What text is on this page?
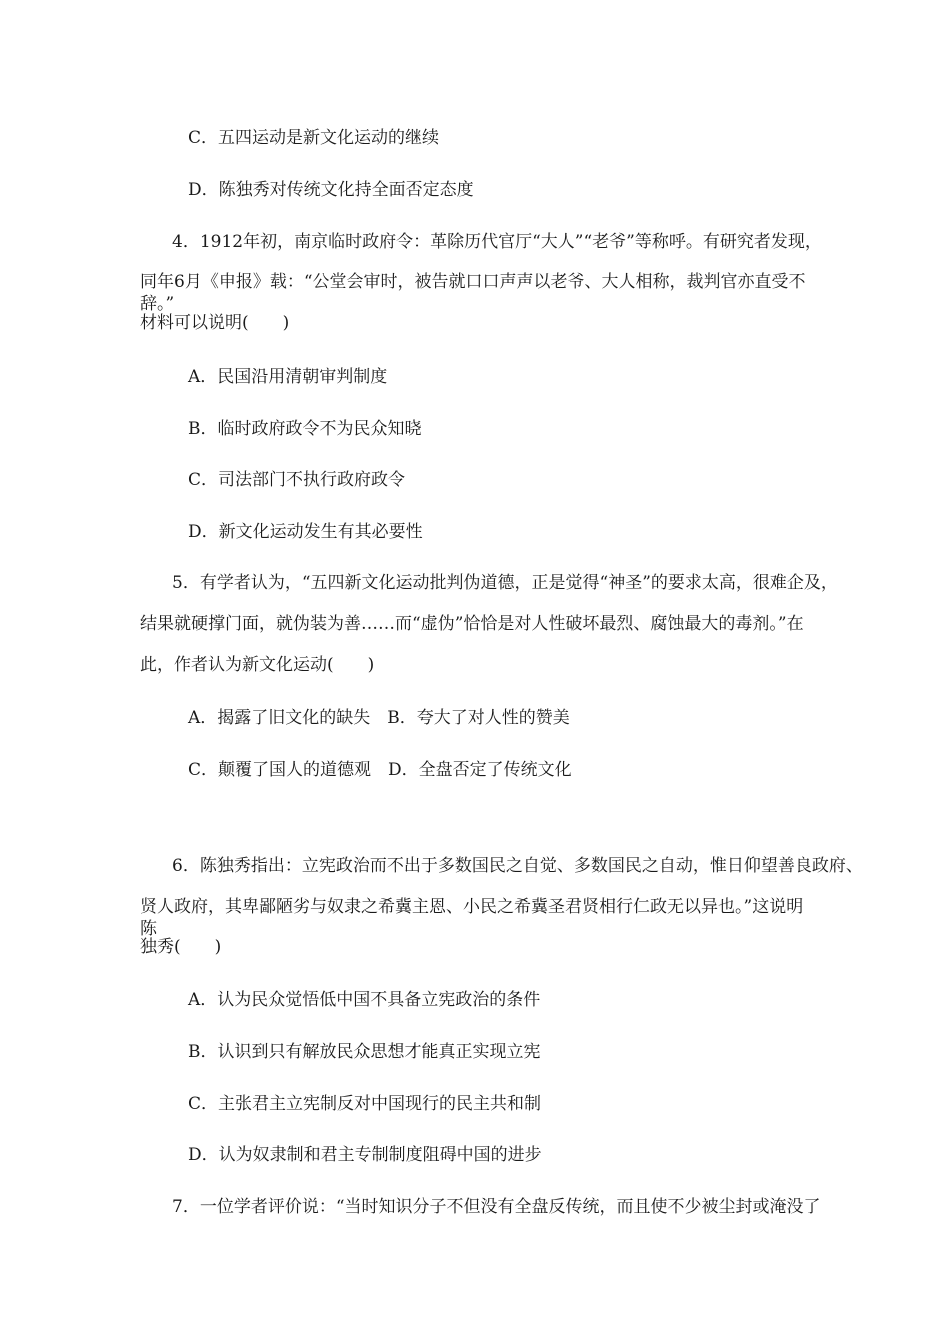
C．五四运动是新文化运动的继续
D．陈独秀对传统文化持全面否定态度
4．1912年初，南京临时政府令：革除历代官厅“大人”“老爷”等称呼。有研究者发现，
同年6月《申报》载：“公堂会审时，被告就口口声声以老爷、大人相称，裁判官亦直受不辞。”
材料可以说明(　　)
A．民国沿用清朝审判制度
B．临时政府政令不为民众知晓
C．司法部门不执行政府政令
D．新文化运动发生有其必要性
5．有学者认为，“五四新文化运动批判伪道德，正是觉得“神圣”的要求太高，很难企及，
结果就硬撑门面，就伪装为善……而“虚伪”恰恰是对人性破坏最烈、腐蚀最大的毒剂。”在
此，作者认为新文化运动(　　)
A．揭露了旧文化的缺失　B．夸大了对人性的赞美
C．颠覆了国人的道德观　D．全盘否定了传统文化
6．陈独秀指出：立宪政治而不出于多数国民之自觉、多数国民之自动，惟日仰望善良政府、
贤人政府，其卑鄙陋劣与奴隶之希冀主恩、小民之希冀圣君贤相行仁政无以异也。”这说明陈
独秀(　　)
A．认为民众觉悟低中国不具备立宪政治的条件
B．认识到只有解放民众思想才能真正实现立宪
C．主张君主立宪制反对中国现行的民主共和制
D．认为奴隶制和君主专制制度阻碍中国的进步
7．一位学者评价说：“当时知识分子不但没有全盘反传统，而且使不少被尘封或淹没了
